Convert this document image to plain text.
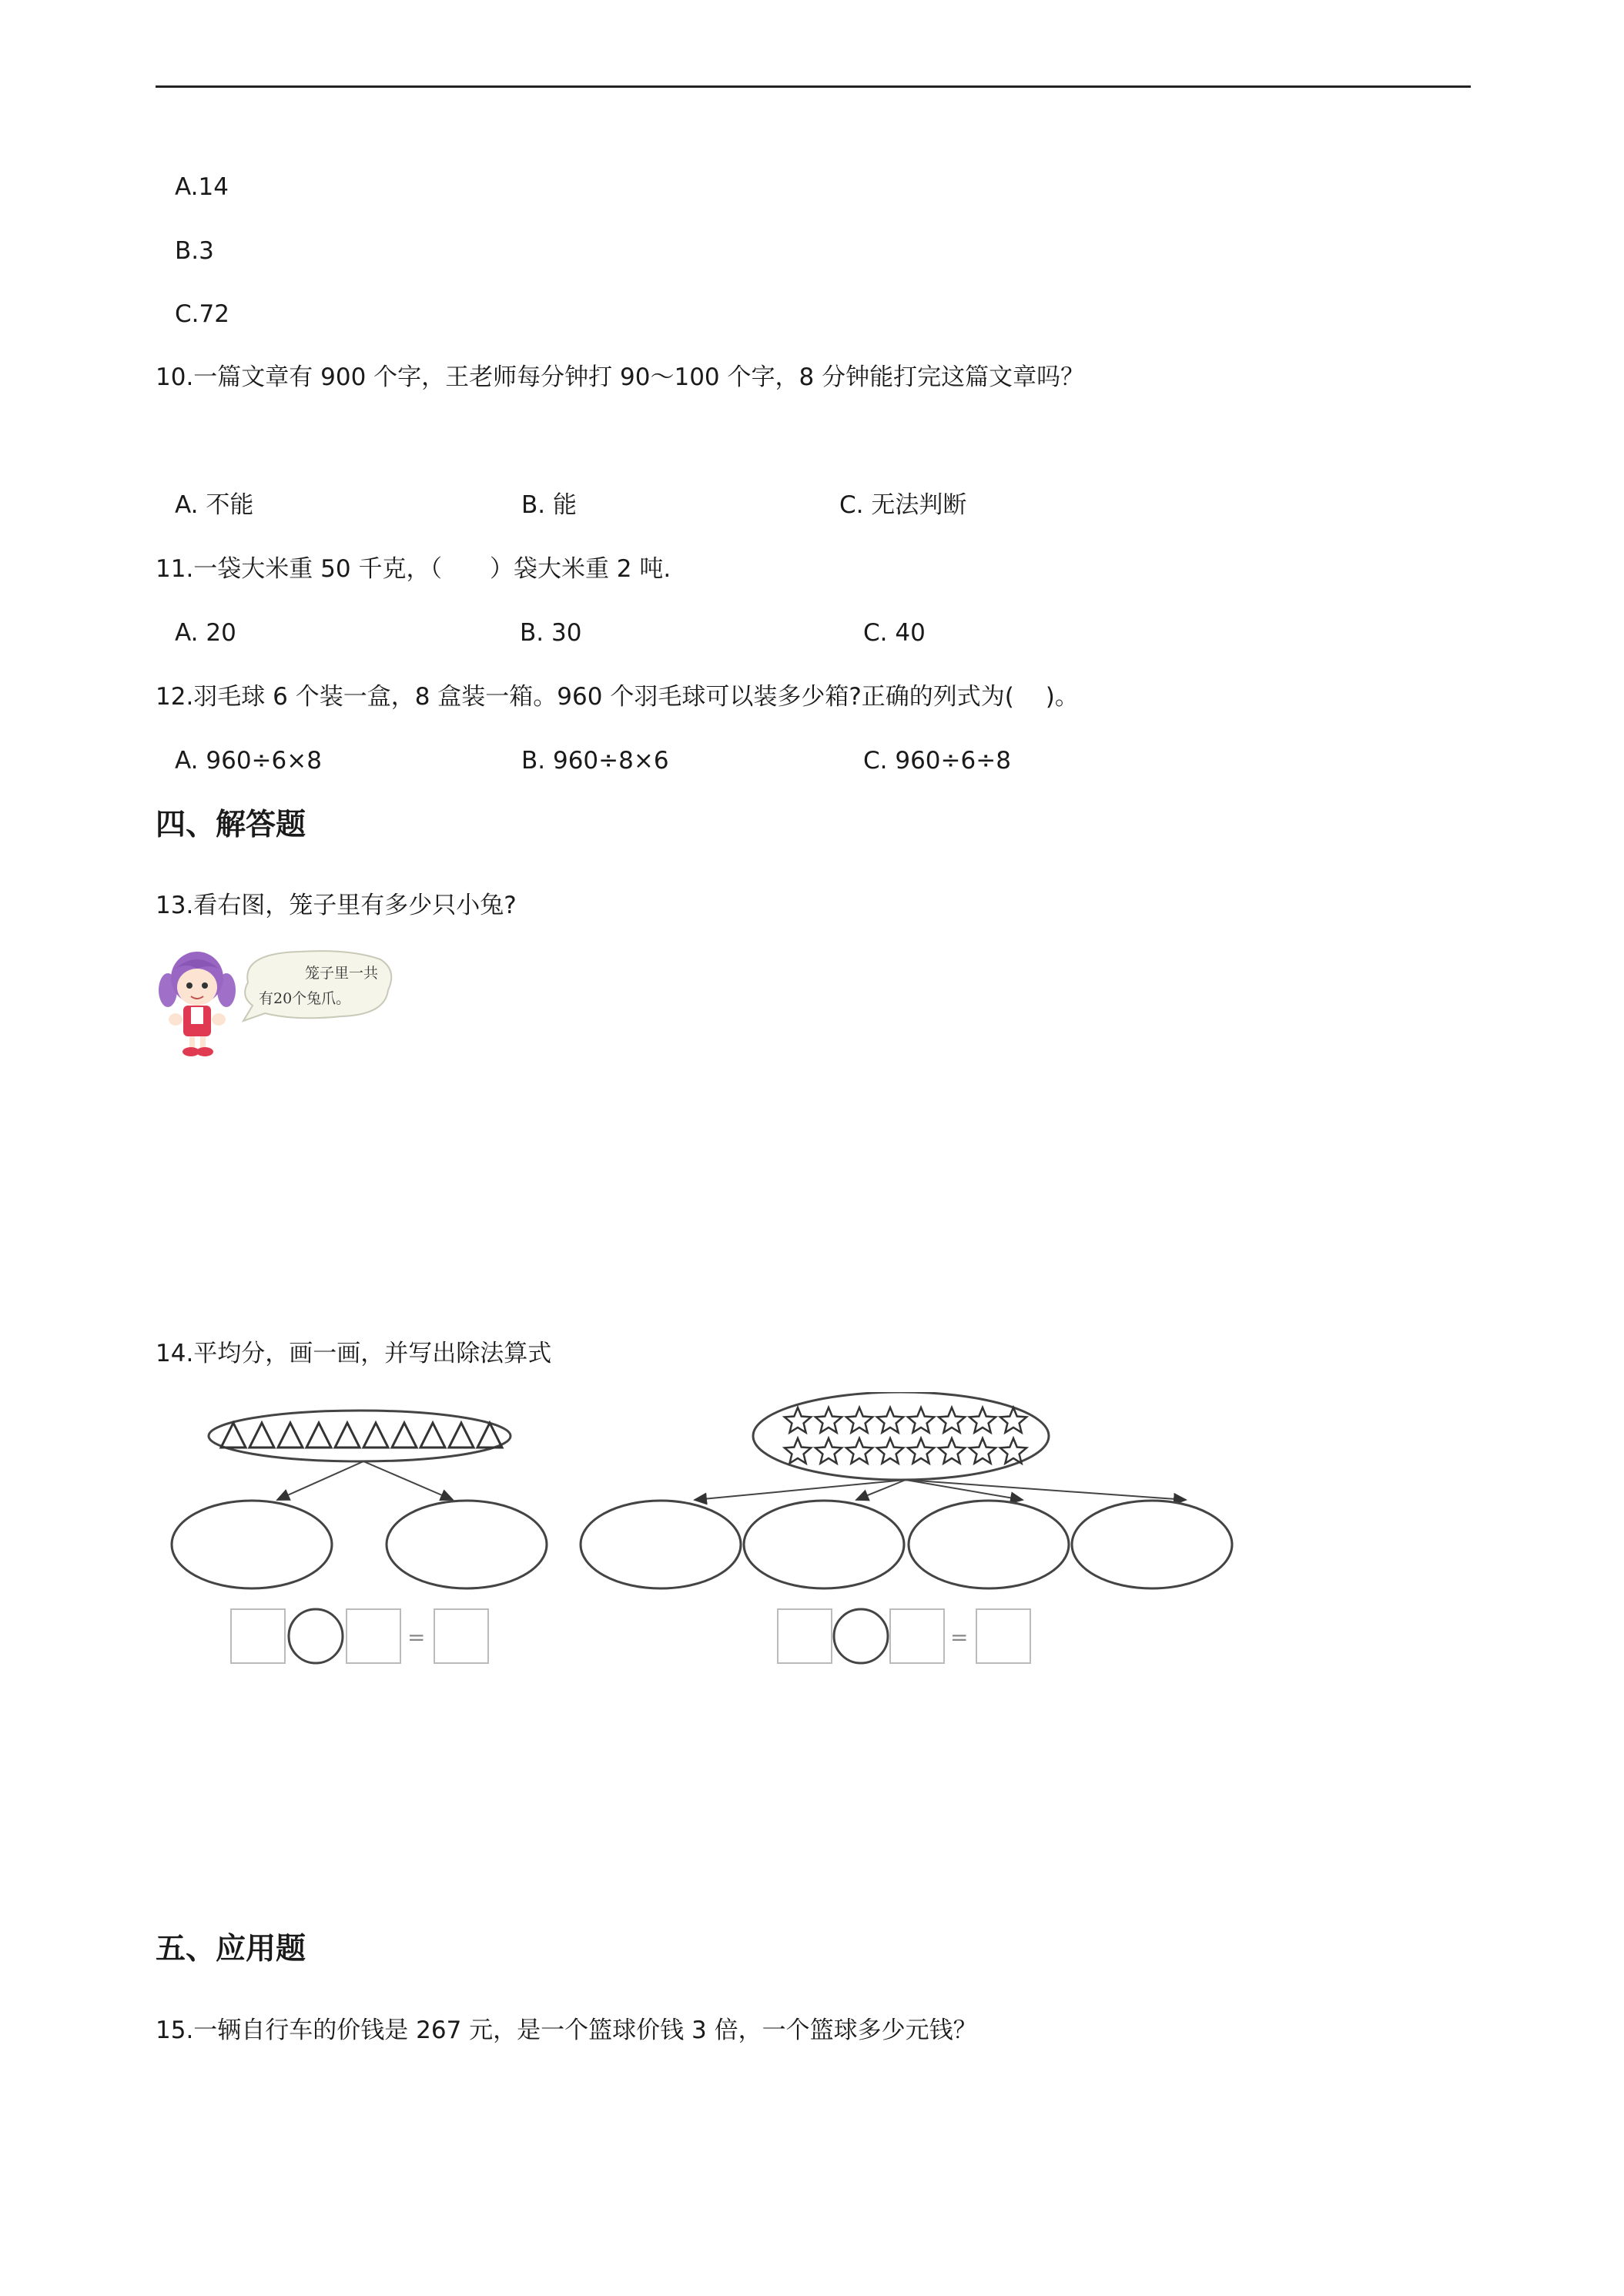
A.14
B.3
C.72
10.一篇文章有 900 个字，王老师每分钟打 90～100 个字，8 分钟能打完这篇文章吗？
A. 不能	B. 能	C. 无法判断
11.一袋大米重 50 千克，（　　）袋大米重 2 吨.
A. 20	B. 30	C. 40
12.羽毛球 6 个装一盒，8 盒装一箱。960 个羽毛球可以装多少箱?正确的列式为(　 )。
A. 960÷6×8	B. 960÷8×6	C. 960÷6÷8
四、解答题
13.看右图，笼子里有多少只小兔?
笼子里一共
有20个兔爪。
14.平均分，画一画，并写出除法算式
=	=
五、应用题
15.一辆自行车的价钱是 267 元，是一个篮球价钱 3 倍，一个篮球多少元钱？
